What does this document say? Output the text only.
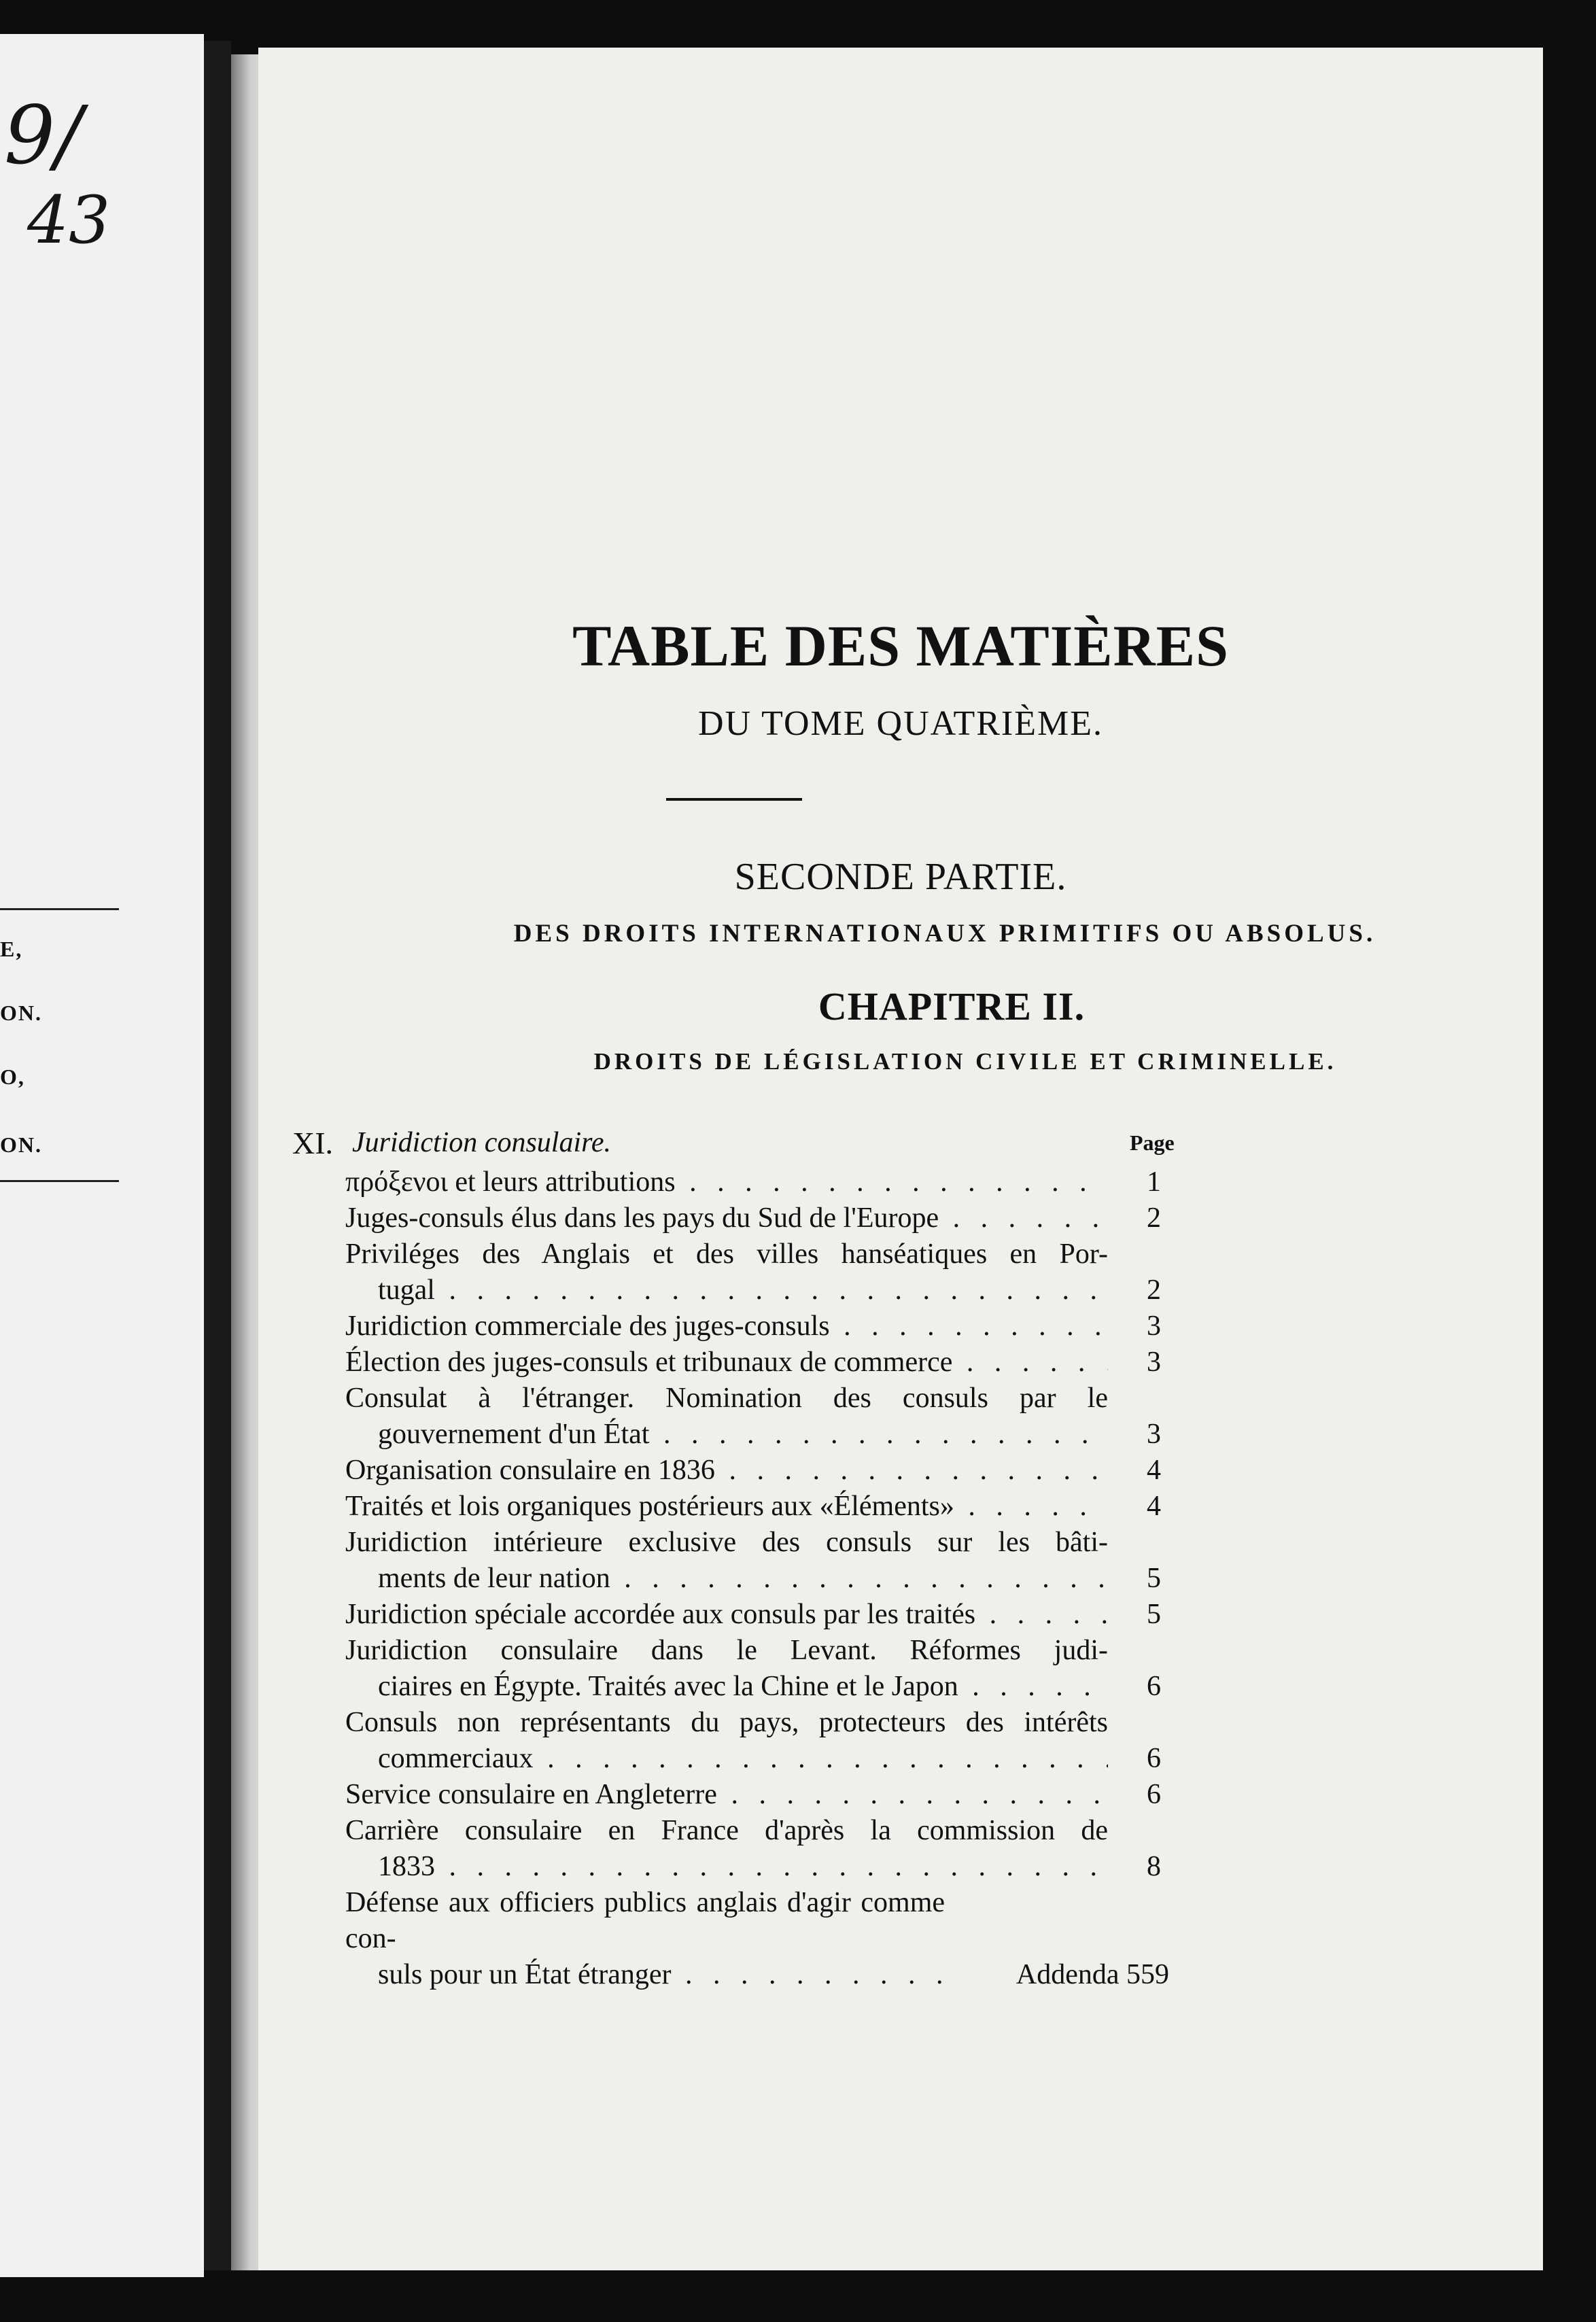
9/
43
E,
ON.
O,
ON.
TABLE DES MATIÈRES
DU TOME QUATRIÈME.
SECONDE PARTIE.
DES DROITS INTERNATIONAUX PRIMITIFS OU ABSOLUS.
CHAPITRE II.
DROITS DE LÉGISLATION CIVILE ET CRIMINELLE.
XI. Juridiction consulaire.	Page
πρόξενοι et leurs attributions . . .	1
Juges-consuls élus dans les pays du Sud de l'Europe . . .	2
Priviléges des Anglais et des villes hanséatiques en Por-
tugal . . .	2
Juridiction commerciale des juges-consuls . . .	3
Élection des juges-consuls et tribunaux de commerce . . .	3
Consulat à l'étranger. Nomination des consuls par le
gouvernement d'un État . . .	3
Organisation consulaire en 1836 . . .	4
Traités et lois organiques postérieurs aux «Éléments» . . .	4
Juridiction intérieure exclusive des consuls sur les bâti-
ments de leur nation . . .	5
Juridiction spéciale accordée aux consuls par les traités . . .	5
Juridiction consulaire dans le Levant. Réformes judi-
ciaires en Égypte. Traités avec la Chine et le Japon . . .	6
Consuls non représentants du pays, protecteurs des intérêts
commerciaux . . .	6
Service consulaire en Angleterre . . .	6
Carrière consulaire en France d'après la commission de
1833 . . .	8
Défense aux officiers publics anglais d'agir comme con-
suls pour un État étranger . . .	Addenda 559
